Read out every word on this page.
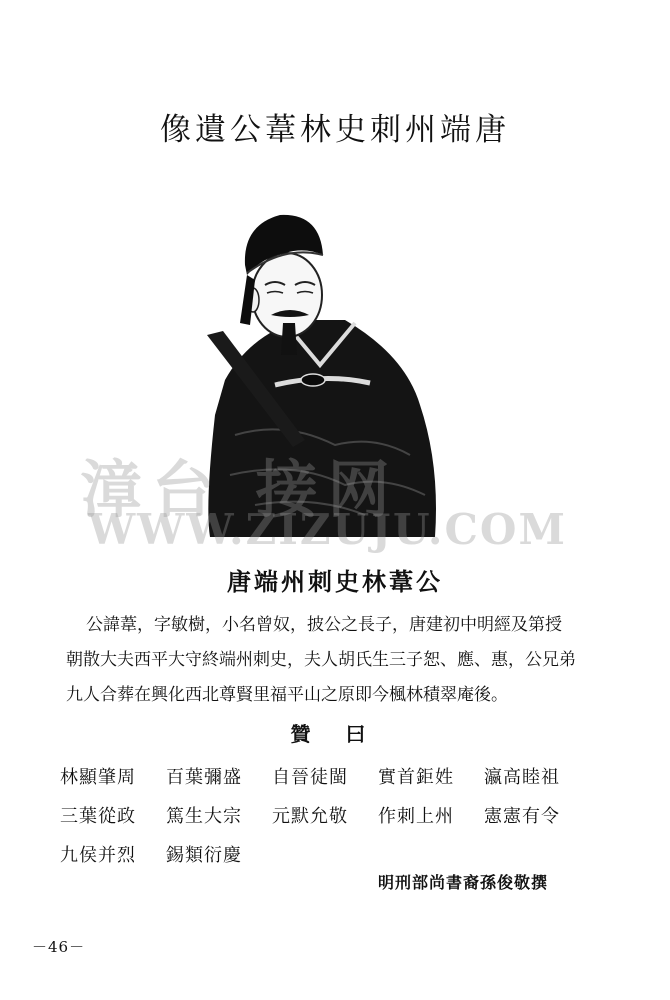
像遺公葦林史刺州端唐
漳台 接网
WWW.ZIZUJU.COM
唐端州刺史林葦公

公諱葦，字敏樹，小名曾奴，披公之長子，唐建初中明經及第授

朝散大夫西平大守終端州刺史，夫人胡氏生三子恕、應、惠，公兄弟

九人合葬在興化西北尊賢里福平山之原即今楓林積翠庵後。

贊 曰
林顯肇周	百葉彌盛	自晉徒閩	實首鉅姓	瀛高睦祖
三葉從政	篤生大宗	元默允敬	作刺上州	憲憲有令
九侯并烈	錫類衍慶
明刑部尚書裔孫俊敬撰
－46－
